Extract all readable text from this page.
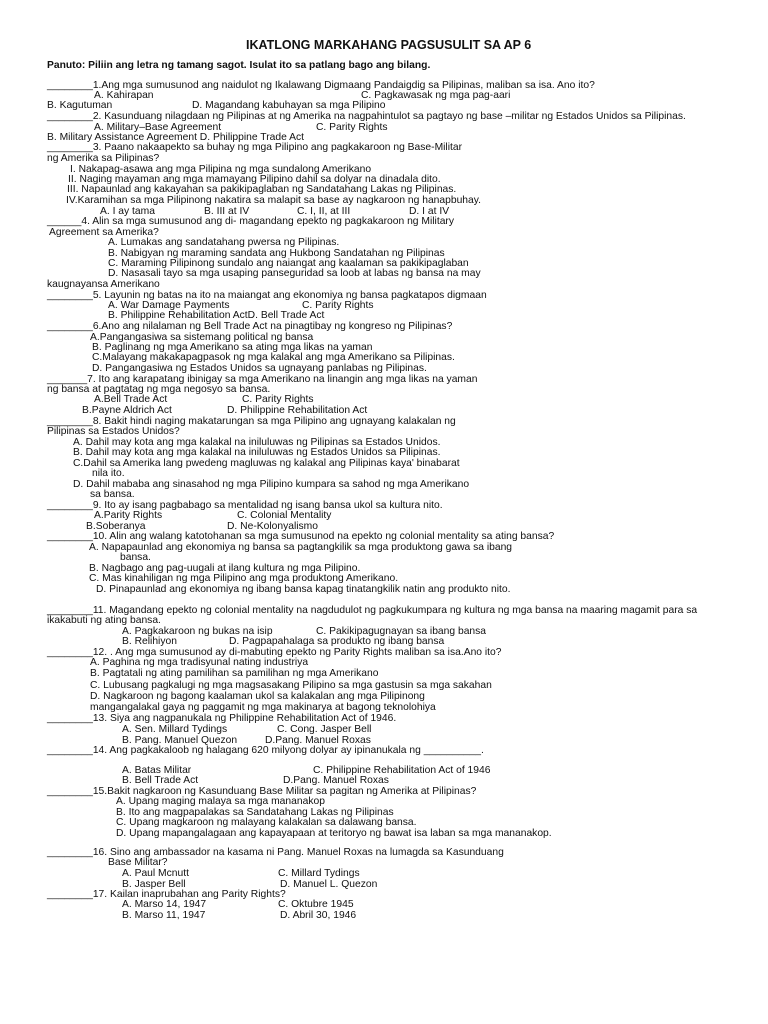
IKATLONG MARKAHANG PAGSUSULIT SA AP 6
Panuto: Piliin ang letra ng tamang sagot. Isulat ito sa patlang bago ang bilang.
________1.Ang mga sumusunod ang naidulot ng Ikalawang Digmaang Pandaigdig sa Pilipinas, maliban sa isa. Ano ito?
A. Kahirapan	C. Pagkawasak ng mga pag-aari
B. Kagutuman	D. Magandang kabuhayan sa mga Pilipino
________2. Kasunduang nilagdaan ng Pilipinas at ng Amerika na nagpahintulot sa pagtayo ng base –militar ng Estados Unidos sa Pilipinas.
A. Military–Base Agreement	C. Parity Rights
B. Military Assistance Agreement D. Philippine Trade Act
________3. Paano nakaapekto sa buhay ng mga Pilipino ang pagkakaroon ng Base-Militar
ng Amerika sa Pilipinas?
I. Nakapag-asawa ang mga Pilipina ng mga sundalong Amerikano
II. Naging mayaman ang mga mamayang Pilipino dahil sa dolyar na dinadala dito.
III. Napaunlad ang kakayahan sa pakikipaglaban ng Sandatahang Lakas ng Pilipinas.
IV.Karamihan sa mga Pilipinong nakatira sa malapit sa base ay nagkaroon ng hanapbuhay.
A. I ay tama	B. III at IV	C. I, II, at III	D. I at IV
______4. Alin sa mga sumusunod ang di- magandang epekto ng pagkakaroon ng Military
Agreement sa Amerika?
A. Lumakas ang sandatahang pwersa ng Pilipinas.
B. Nabigyan ng maraming sandata ang Hukbong Sandatahan ng Pilipinas
C. Maraming Pilipinong sundalo ang naiangat ang kaalaman sa pakikipaglaban
D. Nasasali tayo sa mga usaping panseguridad sa loob at labas ng bansa na may
kaugnayansa Amerikano
________5. Layunin ng batas na ito na maiangat ang ekonomiya ng bansa pagkatapos digmaan
A. War Damage Payments	C. Parity Rights
B. Philippine Rehabilitation ActD. Bell Trade Act
________6.Ano ang nilalaman ng Bell Trade Act na pinagtibay ng kongreso ng Pilipinas?
A.Pangangasiwa sa sistemang political ng bansa
B. Paglinang ng mga Amerikano sa ating mga likas na yaman
C.Malayang makakapagpasok ng mga kalakal ang mga Amerikano sa Pilipinas.
D. Pangangasiwa ng Estados Unidos sa ugnayang panlabas ng Pilipinas.
_______7. Ito ang karapatang ibinigay sa mga Amerikano na linangin ang mga likas na yaman
ng bansa at pagtatag ng mga negosyo sa bansa.
A.Bell Trade Act	C. Parity Rights
B.Payne Aldrich Act	D. Philippine Rehabilitation Act
________8. Bakit hindi naging makatarungan sa mga Pilipino ang ugnayang kalakalan ng
Pilipinas sa Estados Unidos?
A. Dahil may kota ang mga kalakal na iniluluwas ng Pilipinas sa Estados Unidos.
B. Dahil may kota ang mga kalakal na iniluluwas ng Estados Unidos sa Pilipinas.
C.Dahil sa Amerika lang pwedeng magluwas ng kalakal ang Pilipinas kaya' binabarat
nila ito.
D. Dahil mababa ang sinasahod ng mga Pilipino kumpara sa sahod ng mga Amerikano
sa bansa.
________9. Ito ay isang pagbabago sa mentalidad ng isang bansa ukol sa kultura nito.
A.Parity Rights	C. Colonial Mentality
B.Soberanya	D. Ne-Kolonyalismo
________10. Alin ang walang katotohanan sa mga sumusunod na epekto ng colonial mentality sa ating bansa?
A. Napapaunlad ang ekonomiya ng bansa sa pagtangkilik sa mga produktong gawa sa ibang
bansa.
B. Nagbago ang pag-uugali at ilang kultura ng mga Pilipino.
C. Mas kinahiligan ng mga Pilipino ang mga produktong Amerikano.
D. Pinapaunlad ang ekonomiya ng ibang bansa kapag tinatangkilik natin ang produkto nito.
________11. Magandang epekto ng colonial mentality na nagdudulot ng pagkukumpara ng kultura ng mga bansa na maaring magamit para sa
ikakabuti ng ating bansa.
A. Pagkakaroon ng bukas na isip	C. Pakikipagugnayan sa ibang bansa
B. Relihiyon	D. Pagpapahalaga sa produkto ng ibang bansa
________12. . Ang mga sumusunod ay di-mabuting epekto ng Parity Rights maliban sa isa.Ano ito?
A. Paghina ng mga tradisyunal nating industriya
B. Pagtatali ng ating pamilihan sa pamilihan ng mga Amerikano
C. Lubusang pagkalugi ng mga magsasakang Pilipino sa mga gastusin sa mga sakahan
D. Nagkaroon ng bagong kaalaman ukol sa kalakalan ang mga Pilipinong
mangangalakal gaya ng paggamit ng mga makinarya at bagong teknolohiya
________13. Siya ang nagpanukala ng Philippine Rehabilitation Act of 1946.
A. Sen. Millard Tydings	C. Cong. Jasper Bell
B. Pang. Manuel Quezon	D.Pang. Manuel Roxas
________14. Ang pagkakaloob ng halagang 620 milyong dolyar ay ipinanukala ng __________.
A. Batas Militar	C. Philippine Rehabilitation Act of 1946
B. Bell Trade Act	D.Pang. Manuel Roxas
________15.Bakit nagkaroon ng Kasunduang Base Militar sa pagitan ng Amerika at Pilipinas?
A. Upang maging malaya sa mga mananakop
B. Ito ang magpapalakas sa Sandatahang Lakas ng Pilipinas
C. Upang magkaroon ng malayang kalakalan sa dalawang bansa.
D. Upang mapangalagaan ang kapayapaan at teritoryo ng bawat isa laban sa mga mananakop.
________16. Sino ang ambassador na kasama ni Pang. Manuel Roxas na lumagda sa Kasunduang
Base Militar?
A. Paul Mcnutt	C. Millard Tydings
B. Jasper Bell	D. Manuel L. Quezon
________17. Kailan inaprubahan ang Parity Rights?
A. Marso 14, 1947	C. Oktubre 1945
B. Marso 11, 1947	D. Abril 30, 1946
